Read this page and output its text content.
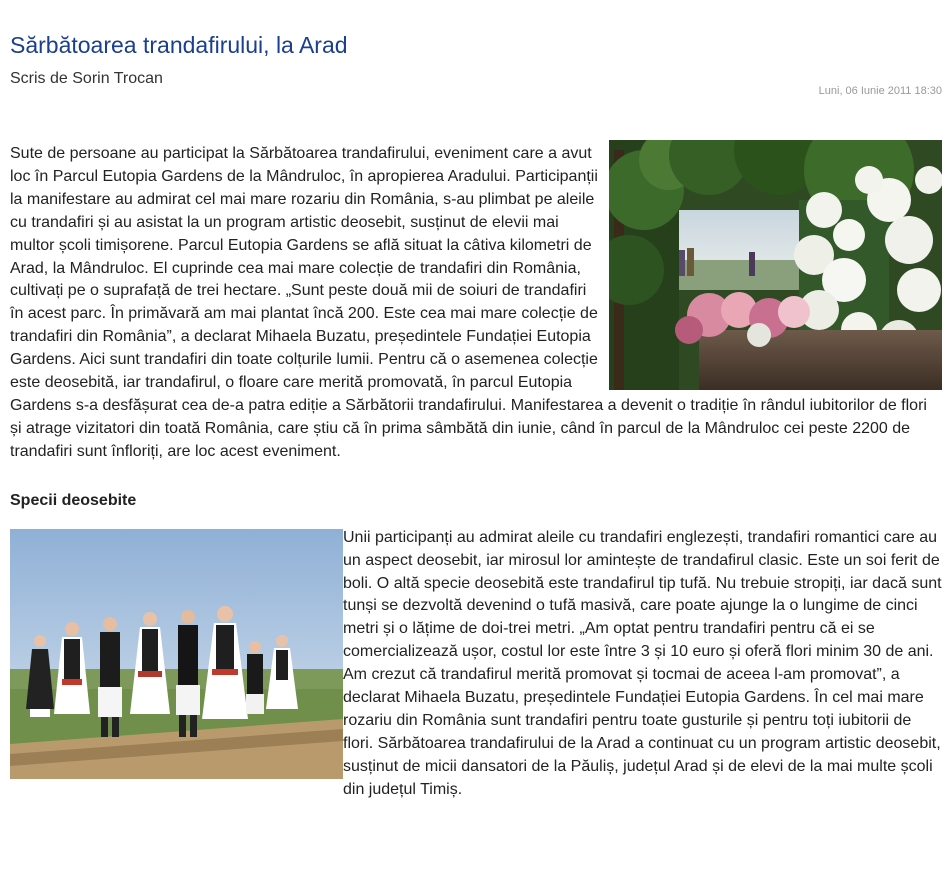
Sărbătoarea trandafirului, la Arad
Scris de Sorin Trocan
Luni, 06 Iunie 2011 18:30
Sute de persoane au participat la Sărbătoarea trandafirului, eveniment care a avut loc în Parcul Eutopia Gardens de la Mândruloc, în apropierea Aradului. Participanții la manifestare au admirat cel mai mare rozariu din România, s-au plimbat pe aleile cu trandafiri și au asistat la un program artistic deosebit, susținut de elevii mai multor școli timișorene. Parcul Eutopia Gardens se află situat la câtiva kilometri de Arad, la Mândruloc. El cuprinde cea mai mare colecție de trandafiri din România, cultivați pe o suprafață de trei hectare. „Sunt peste două mii de soiuri de trandafiri în acest parc. În primăvară am mai plantat încă 200. Este cea mai mare colecție de trandafiri din România”, a declarat Mihaela Buzatu, președintele Fundației Eutopia Gardens. Aici sunt trandafiri din toate colțurile lumii. Pentru că o asemenea colecție este deosebită, iar trandafirul, o floare care merită promovată, în parcul Eutopia Gardens s-a desfășurat cea de-a patra ediție a Sărbătorii trandafirului. Manifestarea a devenit o tradiție în rândul iubitorilor de flori și atrage vizitatori din toată România, care știu că în prima sâmbătă din iunie, când în parcul de la Mândruloc cei peste 2200 de trandafiri sunt înfloriți, are loc acest eveniment.
Specii deosebite
Unii participanți au admirat aleile cu trandafiri englezești, trandafiri romantici care au un aspect deosebit, iar mirosul lor amintește de trandafirul clasic. Este un soi ferit de boli. O altă specie deosebită este trandafirul tip tufă. Nu trebuie stropiți, iar dacă sunt tunși se dezvoltă devenind o tufă masivă, care poate ajunge la o lungime de cinci metri și o lățime de doi-trei metri. „Am optat pentru trandafiri pentru că ei se comercializează ușor, costul lor este între 3 și 10 euro și oferă flori minim 30 de ani. Am crezut că trandafirul merită promovat și tocmai de aceea l-am promovat”, a declarat Mihaela Buzatu, președintele Fundației Eutopia Gardens. În cel mai mare rozariu din România sunt trandafiri pentru toate gusturile și pentru toți iubitorii de flori. Sărbătoarea trandafirului de la Arad a continuat cu un program artistic deosebit, susținut de micii dansatori de la Păuliș, județul Arad și de elevi de la mai multe școli din județul Timiș.
